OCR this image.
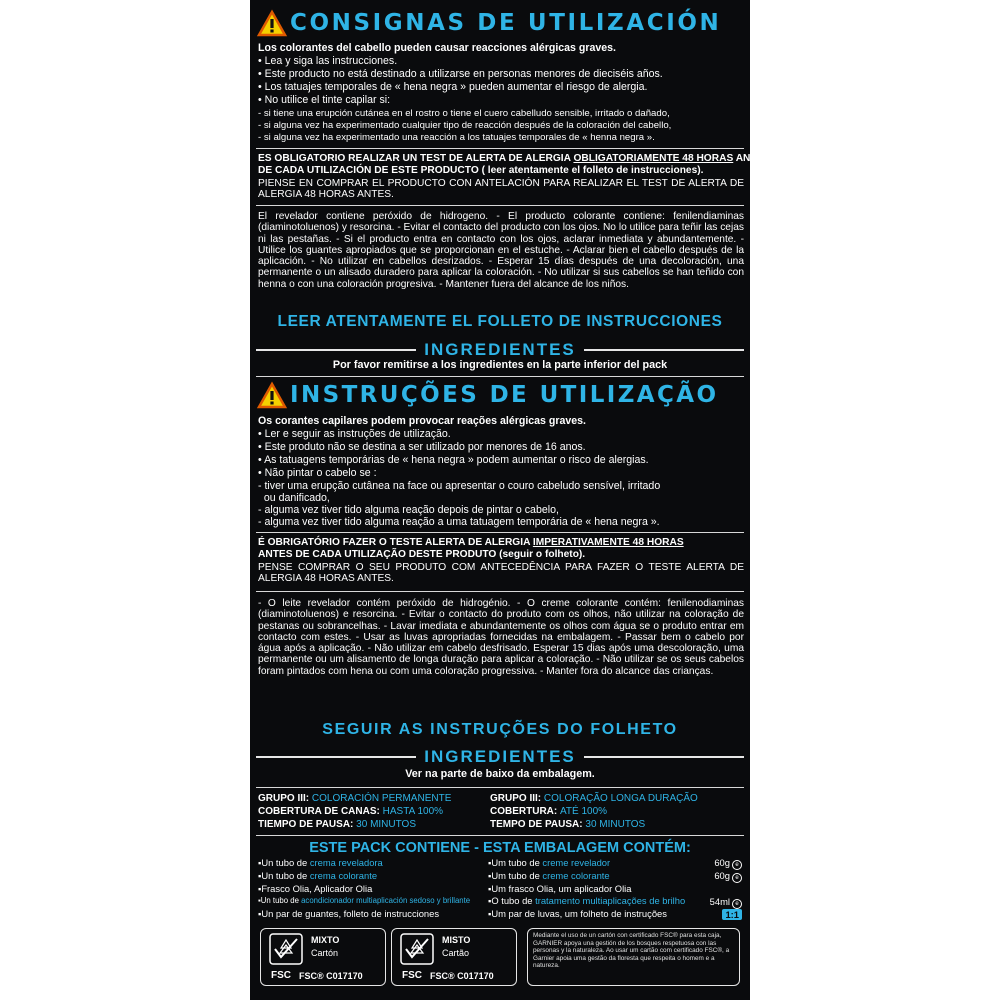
CONSIGNAS DE UTILIZACIÓN
Los colorantes del cabello pueden causar reacciones alérgicas graves.
• Lea y siga las instrucciones.
• Este producto no está destinado a utilizarse en personas menores de dieciséis años.
• Los tatuajes temporales de « hena negra » pueden aumentar el riesgo de alergia.
• No utilice el tinte capilar si:
- si tiene una erupción cutánea en el rostro o tiene el cuero cabelludo sensible, irritado o dañado,
- si alguna vez ha experimentado cualquier tipo de reacción después de la coloración del cabello,
- si alguna vez ha experimentado una reacción a los tatuajes temporales de « henna negra ».
ES OBLIGATORIO REALIZAR UN TEST DE ALERTA DE ALERGIA OBLIGATORIAMENTE 48 HORAS ANTES
DE CADA UTILIZACIÓN DE ESTE PRODUCTO ( leer atentamente el folleto de instrucciones).
PIENSE EN COMPRAR EL PRODUCTO CON ANTELACIÓN PARA REALIZAR EL TEST DE ALERTA DE ALERGIA 48 HORAS ANTES.
El revelador contiene peróxido de hidrogeno. - El producto colorante contiene: fenilendiaminas (diaminotoluenos) y resorcina. - Evitar el contacto del producto con los ojos. No lo utilice para teñir las cejas ni las pestañas. - Si el producto entra en contacto con los ojos, aclarar inmediata y abundantemente. - Utilice los guantes apropiados que se proporcionan en el estuche. - Aclarar bien el cabello después de la aplicación. - No utilizar en cabellos desrizados. - Esperar 15 días después de una decoloración, una permanente o un alisado duradero para aplicar la coloración. - No utilizar si sus cabellos se han teñido con henna o con una coloración progresiva. - Mantener fuera del alcance de los niños.
LEER ATENTAMENTE EL FOLLETO DE INSTRUCCIONES
INGREDIENTES
Por favor remitirse a los ingredientes en la parte inferior del pack
INSTRUÇÕES DE UTILIZAÇÃO
Os corantes capilares podem provocar reações alérgicas graves.
• Ler e seguir as instruções de utilização.
• Este produto não se destina a ser utilizado por menores de 16 anos.
• As tatuagens temporárias de « hena negra » podem aumentar o risco de alergias.
• Não pintar o cabelo se :
- tiver uma erupção cutânea na face ou apresentar o couro cabeludo sensível, irritado
ou danificado,
- alguma vez tiver tido alguma reação depois de pintar o cabelo,
- alguma vez tiver tido alguma reação a uma tatuagem temporária de « hena negra ».
É OBRIGATÓRIO FAZER O TESTE ALERTA DE ALERGIA IMPERATIVAMENTE 48 HORAS
ANTES DE CADA UTILIZAÇÃO DESTE PRODUTO (seguir o folheto).
PENSE COMPRAR O SEU PRODUTO COM ANTECEDÊNCIA PARA FAZER O TESTE ALERTA DE ALERGIA 48 HORAS ANTES.
- O leite revelador contém peróxido de hidrogénio. - O creme colorante contém: fenilenodiaminas (diaminotoluenos) e resorcina. - Evitar o contacto do produto com os olhos, não utilizar na coloração de pestanas ou sobrancelhas. - Lavar imediata e abundantemente os olhos com água se o produto entrar em contacto com estes. - Usar as luvas apropriadas fornecidas na embalagem. - Passar bem o cabelo por água após a aplicação. - Não utilizar em cabelo desfrisado. Esperar 15 dias após uma descoloração, uma permanente ou um alisamento de longa duração para aplicar a coloração. - Não utilizar se os seus cabelos foram pintados com hena ou com uma coloração progressiva. - Manter fora do alcance das crianças.
SEGUIR AS INSTRUÇÕES DO FOLHETO
INGREDIENTES
Ver na parte de baixo da embalagem.
GRUPO III: COLORACIÓN PERMANENTE
COBERTURA DE CANAS: HASTA 100%
TIEMPO DE PAUSA: 30 MINUTOS
GRUPO III: COLORAÇÃO LONGA DURAÇÃO
COBERTURA: ATÉ 100%
TEMPO DE PAUSA: 30 MINUTOS
ESTE PACK CONTIENE - ESTA EMBALAGEM CONTÉM:
▪Un tubo de crema reveladora
▪Un tubo de crema colorante
▪Frasco Olia, Aplicador Olia
▪Un tubo de acondicionador multiaplicación sedoso y brillante
▪Un par de guantes, folleto de instrucciones
▪Um tubo de creme revelador
▪Um tubo de creme colorante
▪Um frasco Olia, um aplicador Olia
▪O tubo de tratamento multiaplicações de brilho
▪Um par de luvas, um folheto de instruções
60g e
60g e

54ml e
1:1
MIXTO
Cartón
FSC FSC® C017170
MISTO
Cartão
FSC FSC® C017170
Mediante el uso de un cartón con certificado FSC® para esta caja, GARNIER apoya una gestión de los bosques respetuosa con las personas y la naturaleza. Ao usar um cartão com certificado FSC®, a Garnier apoia uma gestão da floresta que respeita o homem e a natureza.
